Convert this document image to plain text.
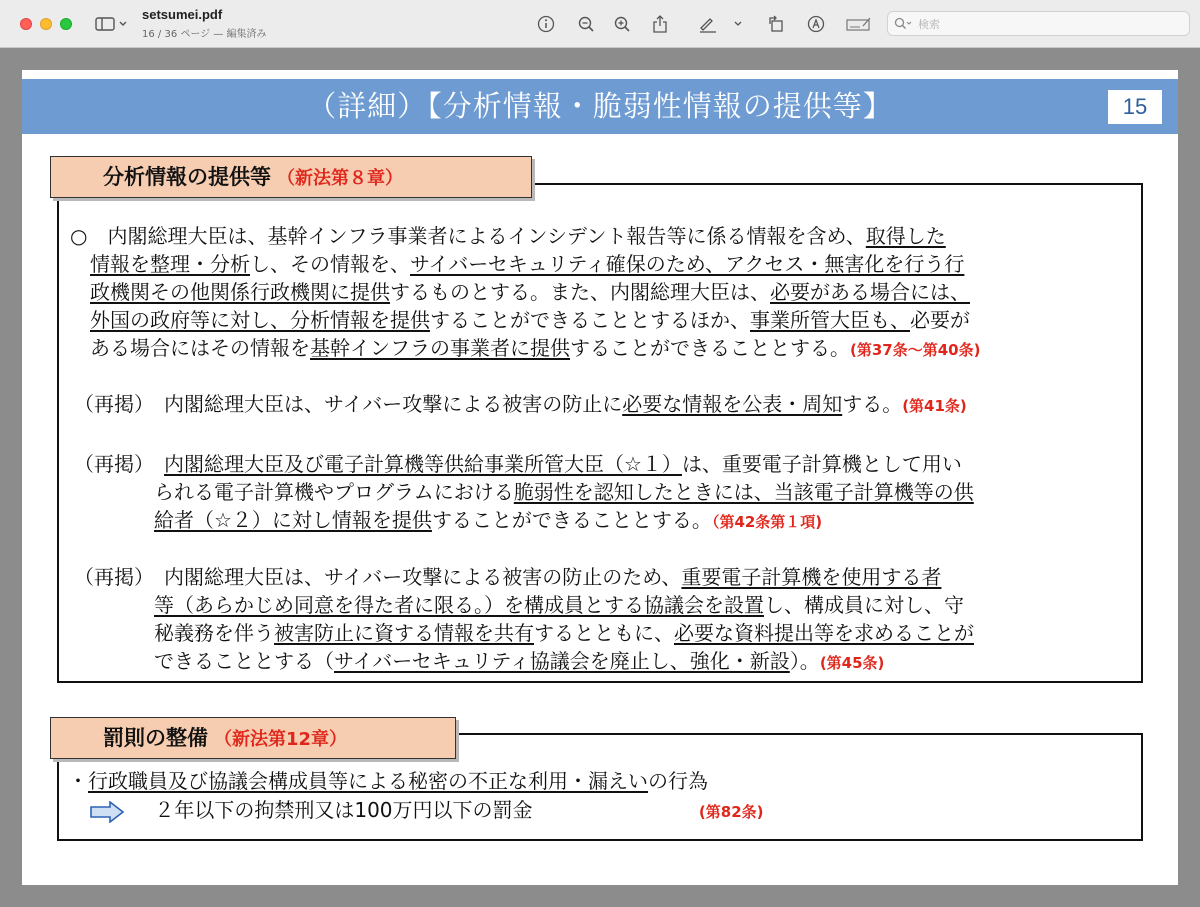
setsumei.pdf
16 / 36 ページ — 編集済み
検索
（詳細）【分析情報・脆弱性情報の提供等】	15
分析情報の提供等 （新法第８章）
○　内閣総理大臣は、基幹インフラ事業者によるインシデント報告等に係る情報を含め、取得した
情報を整理・分析し、その情報を、サイバーセキュリティ確保のため、アクセス・無害化を行う行
政機関その他関係行政機関に提供するものとする。また、内閣総理大臣は、必要がある場合には、
外国の政府等に対し、分析情報を提供することができることとするほか、事業所管大臣も、必要が
ある場合にはその情報を基幹インフラの事業者に提供することができることとする。(第37条～第40条)
（再掲）　内閣総理大臣は、サイバー攻撃による被害の防止に必要な情報を公表・周知する。(第41条)
（再掲）　内閣総理大臣及び電子計算機等供給事業所管大臣（☆１）は、重要電子計算機として用い
られる電子計算機やプログラムにおける脆弱性を認知したときには、当該電子計算機等の供
給者（☆２）に対し情報を提供することができることとする。（第42条第１項)
（再掲）　内閣総理大臣は、サイバー攻撃による被害の防止のため、重要電子計算機を使用する者
等（あらかじめ同意を得た者に限る。）を構成員とする協議会を設置し、構成員に対し、守
秘義務を伴う被害防止に資する情報を共有するとともに、必要な資料提出等を求めることが
できることとする（サイバーセキュリティ協議会を廃止し、強化・新設）。(第45条)
罰則の整備 （新法第12章）
・行政職員及び協議会構成員等による秘密の不正な利用・漏えいの行為
２年以下の拘禁刑又は100万円以下の罰金	(第82条)
